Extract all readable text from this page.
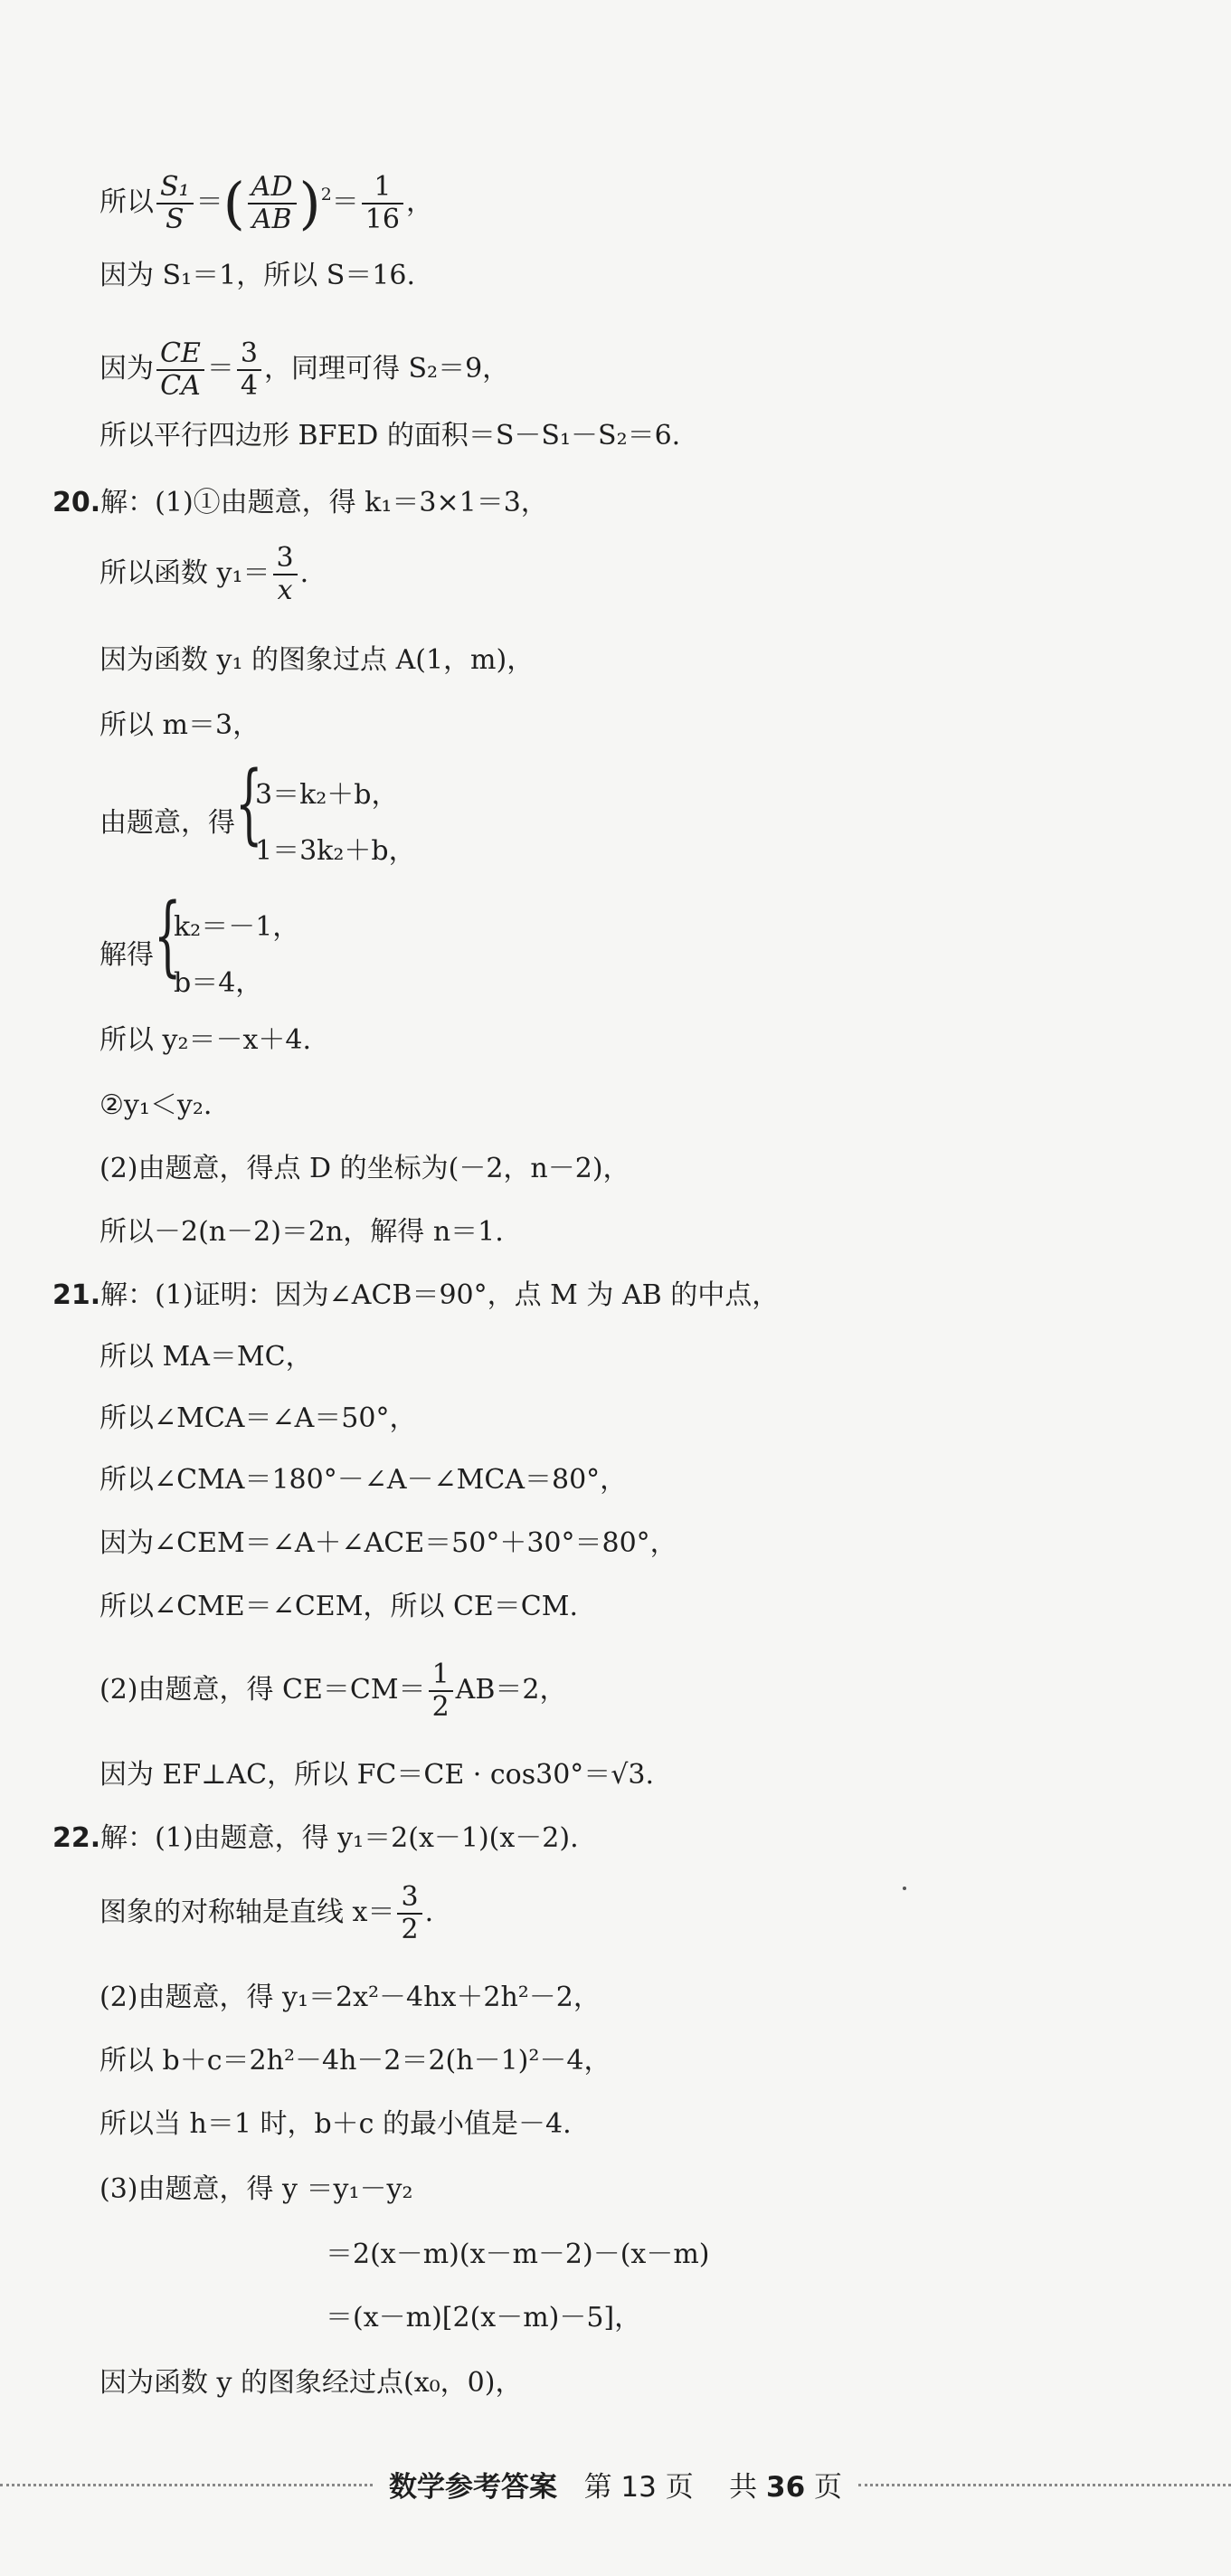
所以 $\frac{\text{S₁}}{S}$ ＝( $\frac{AD}{AB} )^2= \frac{1}{16}$ ，
因为 S₁＝1，所以 S＝16.
因为 $\frac{CE}{CA} = \frac{3}{4}$ ，同理可得 S₂＝9，
所以平行四边形 BFED 的面积＝S－S₁－S₂＝6.
20.解：(1)①由题意，得 k₁＝3×1＝3，
所以函数 $y_1= \frac{3}{x}$ .
因为函数 y₁ 的图象过点 A(1，m)，
所以 m＝3，
由题意，得 {
3＝k₂＋b，
1＝3k₂＋b，
解得 {
k₂＝－1，
b＝4，
所以 y₂＝－x＋4.
②y₁＜y₂.
(2)由题意，得点 D 的坐标为(－2，n－2)，
所以－2(n－2)＝2n，解得 n＝1.
21.解：(1)证明：因为∠ACB＝90°，点 M 为 AB 的中点，
所以 MA＝MC，
所以∠MCA＝∠A＝50°，
所以∠CMA＝180°－∠A－∠MCA＝80°，
因为∠CEM＝∠A＋∠ACE＝50°＋30°＝80°，
所以∠CME＝∠CEM，所以 CE＝CM.
(2)由题意，得 $CE=CM= \frac{1}{2} AB=2$，
因为 EF⊥AC，所以 FC＝CE · cos30°＝√3.
22.解：(1)由题意，得 y₁＝2(x－1)(x－2).
图象的对称轴是直线 $x= \frac{3}{2}$ .
(2)由题意，得 y₁＝2x²－4hx＋2h²－2，
所以 b＋c＝2h²－4h－2＝2(h－1)²－4，
所以当 h＝1 时，b＋c 的最小值是－4.
(3)由题意，得 y ＝y₁－y₂
＝2(x－m)(x－m－2)－(x－m)
＝(x－m)[2(x－m)－5]，
因为函数 y 的图象经过点(x₀，0)，
数学参考答案 第 13 页 共 36 页
